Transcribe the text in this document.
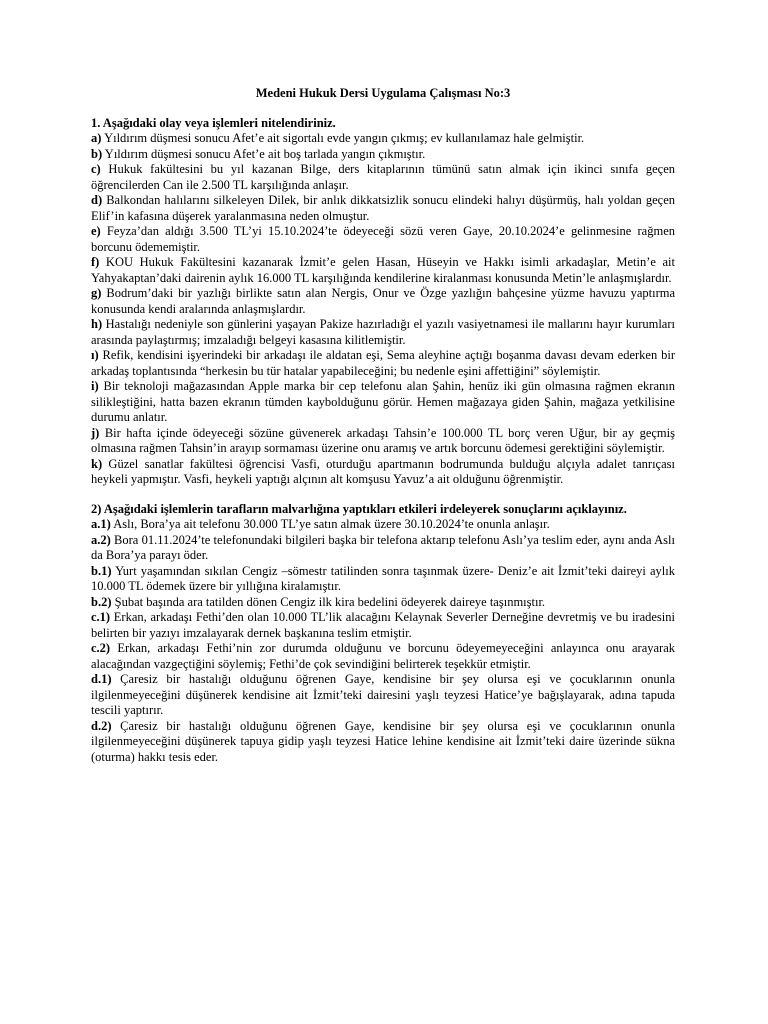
Medeni Hukuk Dersi Uygulama Çalışması No:3

1. Aşağıdaki olay veya işlemleri nitelendiriniz.

a) Yıldırım düşmesi sonucu Afet’e ait sigortalı evde yangın çıkmış; ev kullanılamaz hale gelmiştir.

b) Yıldırım düşmesi sonucu Afet’e ait boş tarlada yangın çıkmıştır.

c) Hukuk fakültesini bu yıl kazanan Bilge, ders kitaplarının tümünü satın almak için ikinci sınıfa geçen öğrencilerden Can ile 2.500 TL karşılığında anlaşır.

d) Balkondan halılarını silkeleyen Dilek, bir anlık dikkatsizlik sonucu elindeki halıyı düşürmüş, halı yoldan geçen Elif’in kafasına düşerek yaralanmasına neden olmuştur.

e) Feyza’dan aldığı 3.500 TL’yi 15.10.2024’te ödeyeceği sözü veren Gaye, 20.10.2024’e gelinmesine rağmen borcunu ödememiştir.

f) KOU Hukuk Fakültesini kazanarak İzmit’e gelen Hasan, Hüseyin ve Hakkı isimli arkadaşlar, Metin’e ait Yahyakaptan’daki dairenin aylık 16.000 TL karşılığında kendilerine kiralanması konusunda Metin’le anlaşmışlardır.

g) Bodrum’daki bir yazlığı birlikte satın alan Nergis, Onur ve Özge yazlığın bahçesine yüzme havuzu yaptırma konusunda kendi aralarında anlaşmışlardır.

h) Hastalığı nedeniyle son günlerini yaşayan Pakize hazırladığı el yazılı vasiyetnamesi ile mallarını hayır kurumları arasında paylaştırmış; imzaladığı belgeyi kasasına kilitlemiştir.

ı) Refik, kendisini işyerindeki bir arkadaşı ile aldatan eşi, Sema aleyhine açtığı boşanma davası devam ederken bir arkadaş toplantısında “herkesin bu tür hatalar yapabileceğini; bu nedenle eşini affettiğini” söylemiştir.

i) Bir teknoloji mağazasından Apple marka bir cep telefonu alan Şahin, henüz iki gün olmasına rağmen ekranın silikleştiğini, hatta bazen ekranın tümden kaybolduğunu görür. Hemen mağazaya giden Şahin, mağaza yetkilisine durumu anlatır.

j) Bir hafta içinde ödeyeceği sözüne güvenerek arkadaşı Tahsin’e 100.000 TL borç veren Uğur, bir ay geçmiş olmasına rağmen Tahsin’in arayıp sormaması üzerine onu aramış ve artık borcunu ödemesi gerektiğini söylemiştir.

k) Güzel sanatlar fakültesi öğrencisi Vasfi, oturduğu apartmanın bodrumunda bulduğu alçıyla adalet tanrıçası heykeli yapmıştır. Vasfi, heykeli yaptığı alçının alt komşusu Yavuz’a ait olduğunu öğrenmiştir.

2) Aşağıdaki işlemlerin tarafların malvarlığına yaptıkları etkileri irdeleyerek sonuçlarını açıklayınız.

a.1) Aslı, Bora’ya ait telefonu 30.000 TL’ye satın almak üzere 30.10.2024’te onunla anlaşır.

a.2) Bora 01.11.2024’te telefonundaki bilgileri başka bir telefona aktarıp telefonu Aslı’ya teslim eder, aynı anda Aslı da Bora’ya parayı öder.

b.1) Yurt yaşamından sıkılan Cengiz –sömestr tatilinden sonra taşınmak üzere- Deniz’e ait İzmit’teki daireyi aylık 10.000 TL ödemek üzere bir yıllığına kiralamıştır.

b.2) Şubat başında ara tatilden dönen Cengiz ilk kira bedelini ödeyerek daireye taşınmıştır.

c.1) Erkan, arkadaşı Fethi’den olan 10.000 TL’lik alacağını Kelaynak Severler Derneğine devretmiş ve bu iradesini belirten bir yazıyı imzalayarak dernek başkanına teslim etmiştir.

c.2) Erkan, arkadaşı Fethi’nin zor durumda olduğunu ve borcunu ödeyemeyeceğini anlayınca onu arayarak alacağından vazgeçtiğini söylemiş; Fethi’de çok sevindiğini belirterek teşekkür etmiştir.

d.1) Çaresiz bir hastalığı olduğunu öğrenen Gaye, kendisine bir şey olursa eşi ve çocuklarının onunla ilgilenmeyeceğini düşünerek kendisine ait İzmit’teki dairesini yaşlı teyzesi Hatice’ye bağışlayarak, adına tapuda tescili yaptırır.

d.2) Çaresiz bir hastalığı olduğunu öğrenen Gaye, kendisine bir şey olursa eşi ve çocuklarının onunla ilgilenmeyeceğini düşünerek tapuya gidip yaşlı teyzesi Hatice lehine kendisine ait İzmit’teki daire üzerinde sükna (oturma) hakkı tesis eder.
